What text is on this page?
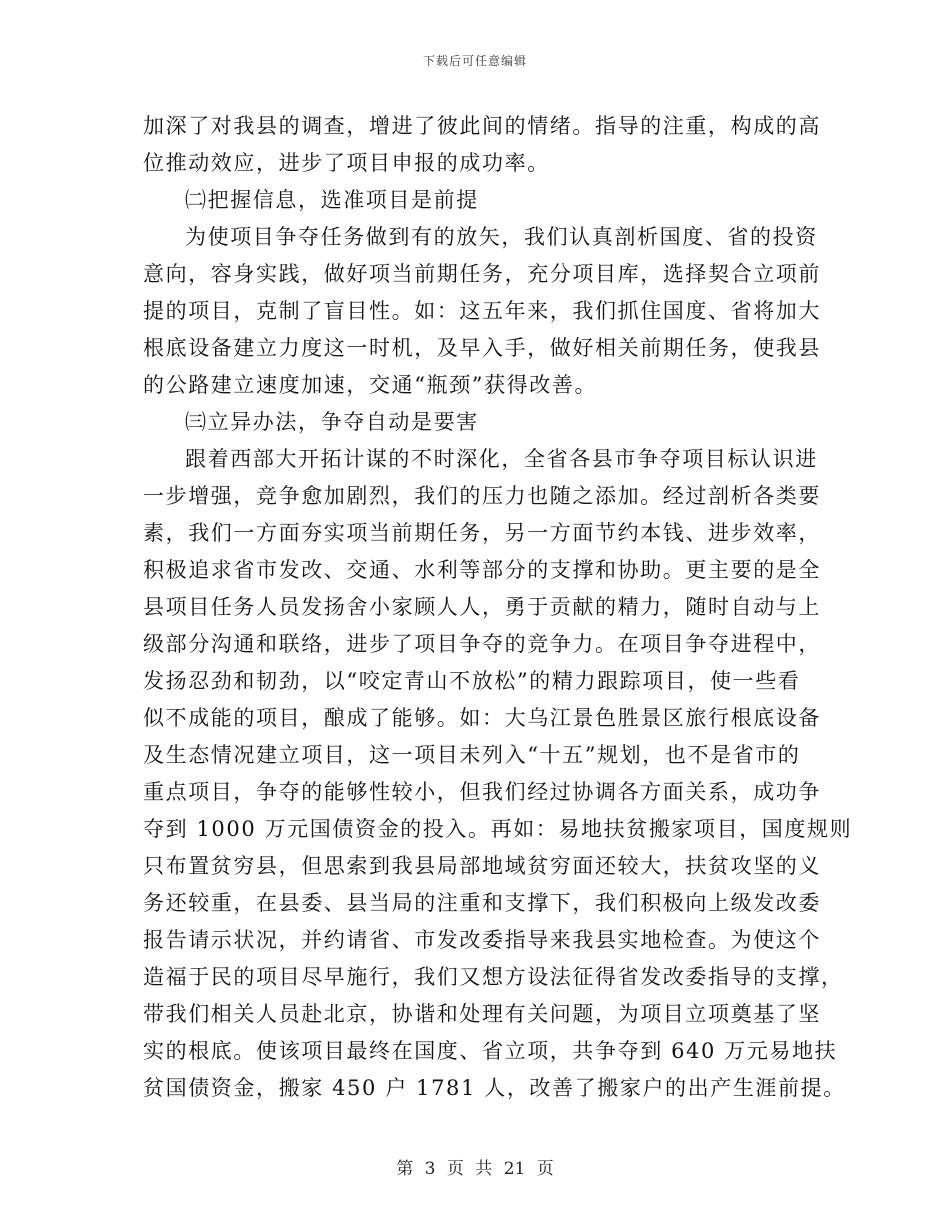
下载后可任意编辑
加深了对我县的调查，增进了彼此间的情绪。指导的注重，构成的高
位推动效应，进步了项目申报的成功率。
㈡把握信息，选准项目是前提
为使项目争夺任务做到有的放矢，我们认真剖析国度、省的投资
意向，容身实践，做好项当前期任务，充分项目库，选择契合立项前
提的项目，克制了盲目性。如：这五年来，我们抓住国度、省将加大
根底设备建立力度这一时机，及早入手，做好相关前期任务，使我县
的公路建立速度加速，交通“瓶颈”获得改善。
㈢立异办法，争夺自动是要害
跟着西部大开拓计谋的不时深化，全省各县市争夺项目标认识进
一步增强，竞争愈加剧烈，我们的压力也随之添加。经过剖析各类要
素，我们一方面夯实项当前期任务，另一方面节约本钱、进步效率，
积极追求省市发改、交通、水利等部分的支撑和协助。更主要的是全
县项目任务人员发扬舍小家顾人人，勇于贡献的精力，随时自动与上
级部分沟通和联络，进步了项目争夺的竞争力。在项目争夺进程中，
发扬忍劲和韧劲，以“咬定青山不放松”的精力跟踪项目，使一些看
似不成能的项目，酿成了能够。如：大乌江景色胜景区旅行根底设备
及生态情况建立项目，这一项目未列入“十五”规划，也不是省市的
重点项目，争夺的能够性较小，但我们经过协调各方面关系，成功争
夺到 1000 万元国债资金的投入。再如：易地扶贫搬家项目，国度规则
只布置贫穷县，但思索到我县局部地域贫穷面还较大，扶贫攻坚的义
务还较重，在县委、县当局的注重和支撑下，我们积极向上级发改委
报告请示状况，并约请省、市发改委指导来我县实地检查。为使这个
造福于民的项目尽早施行，我们又想方设法征得省发改委指导的支撑，
带我们相关人员赴北京，协谐和处理有关问题，为项目立项奠基了坚
实的根底。使该项目最终在国度、省立项，共争夺到 640 万元易地扶
贫国债资金，搬家 450 户 1781 人，改善了搬家户的出产生涯前提。
第 3 页 共 21 页
